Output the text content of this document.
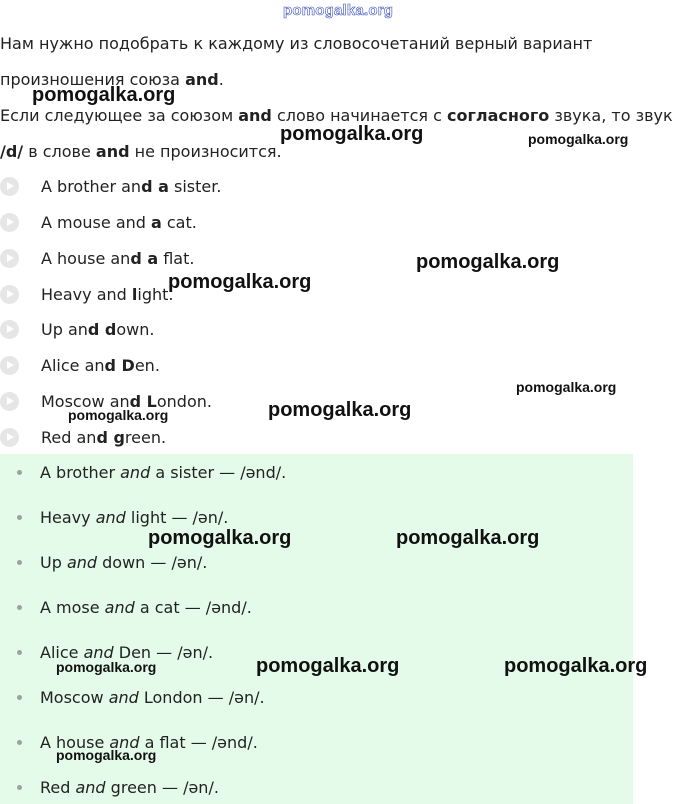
pomogalka.org
Нам нужно подобрать к каждому из словосочетаний верный вариант
произношения союза and.
Если следующее за союзом and слово начинается с согласного звука, то звук
/d/ в слове and не произносится.
A brother and a sister.
A mouse and a cat.
A house and a flat.
Heavy and light.
Up and down.
Alice and Den.
Moscow and London.
Red and green.
A brother and a sister — /ənd/.
Heavy and light — /ən/.
Up and down — /ən/.
A mose and a cat — /ənd/.
Alice and Den — /ən/.
Moscow and London — /ən/.
A house and a flat — /ənd/.
Red and green — /ən/.
pomogalka.org
pomogalka.org	pomogalka.org
pomogalka.org
pomogalka.org
pomogalka.org
pomogalka.org
pomogalka.org
pomogalka.org	pomogalka.org
pomogalka.org	pomogalka.org
pomogalka.org
pomogalka.org
